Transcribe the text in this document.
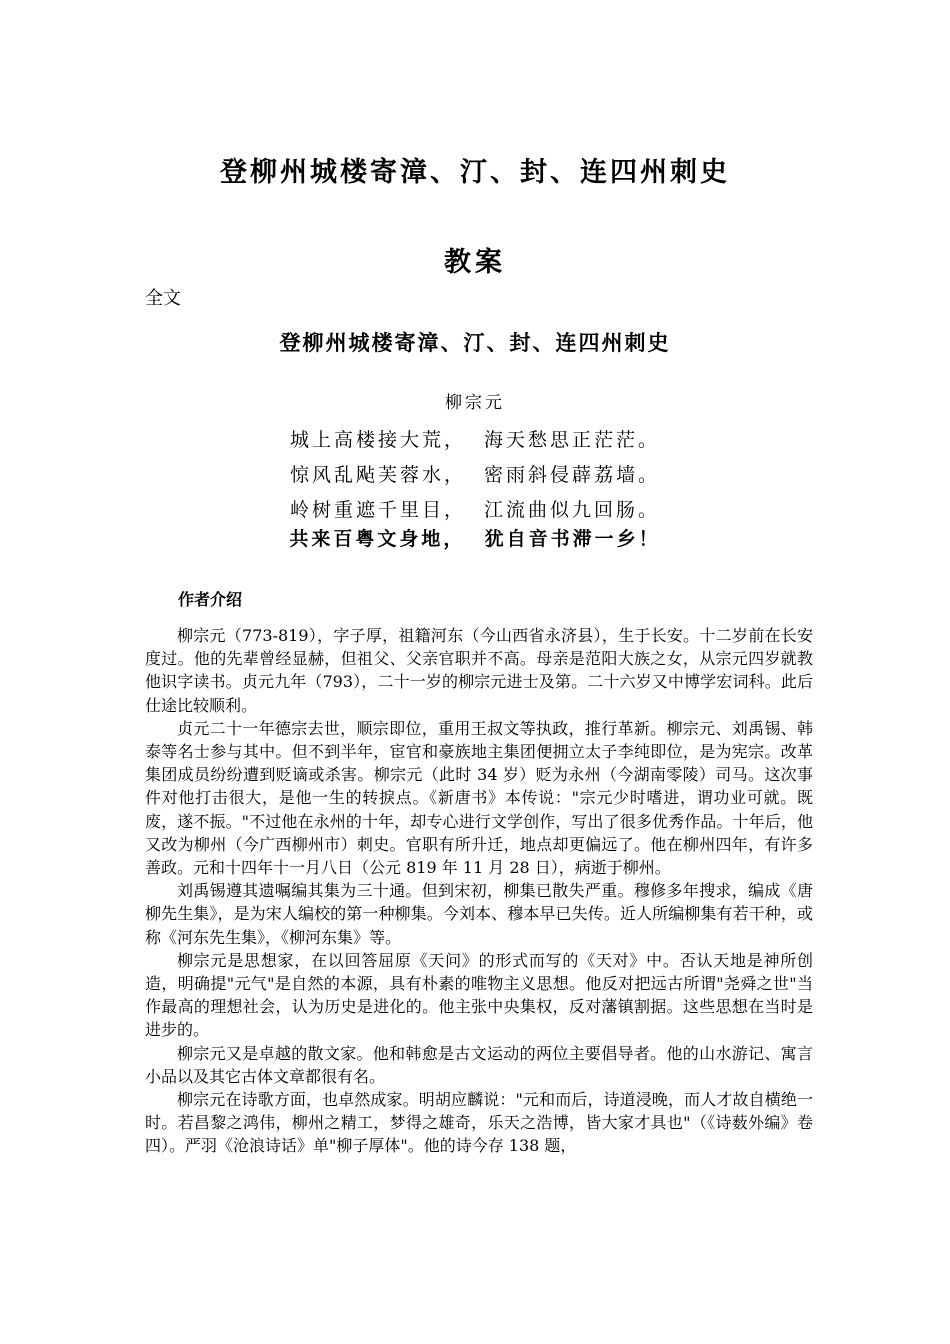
登柳州城楼寄漳、汀、封、连四州刺史
教案
全文
登柳州城楼寄漳、汀、封、连四州刺史
柳宗元
城上高楼接大荒，  海天愁思正茫茫。
惊风乱飐芙蓉水，  密雨斜侵薜荔墙。
岭树重遮千里目，  江流曲似九回肠。
共来百粤文身地，  犹自音书滞一乡！
作者介绍

柳宗元（773-819），字子厚，祖籍河东（今山西省永济县），生于长安。十二岁前在长安度过。他的先辈曾经显赫，但祖父、父亲官职并不高。母亲是范阳大族之女，从宗元四岁就教他识字读书。贞元九年（793），二十一岁的柳宗元进士及第。二十六岁又中博学宏词科。此后仕途比较顺利。

贞元二十一年德宗去世，顺宗即位，重用王叔文等执政，推行革新。柳宗元、刘禹锡、韩泰等名士参与其中。但不到半年，宦官和豪族地主集团便拥立太子李纯即位，是为宪宗。改革集团成员纷纷遭到贬谪或杀害。柳宗元（此时 34 岁）贬为永州（今湖南零陵）司马。这次事件对他打击很大，是他一生的转捩点。《新唐书》本传说："宗元少时嗜进，谓功业可就。既废，遂不振。"不过他在永州的十年，却专心进行文学创作，写出了很多优秀作品。十年后，他又改为柳州（今广西柳州市）刺史。官职有所升迁，地点却更偏远了。他在柳州四年，有许多善政。元和十四年十一月八日（公元 819 年 11 月 28 日），病逝于柳州。

刘禹锡遵其遗嘱编其集为三十通。但到宋初，柳集已散失严重。穆修多年搜求，编成《唐柳先生集》，是为宋人编校的第一种柳集。今刘本、穆本早已失传。近人所编柳集有若干种，或称《河东先生集》，《柳河东集》等。

柳宗元是思想家，在以回答屈原《天问》的形式而写的《天对》中。否认天地是神所创造，明确提"元气"是自然的本源，具有朴素的唯物主义思想。他反对把远古所谓"尧舜之世"当作最高的理想社会，认为历史是进化的。他主张中央集权，反对藩镇割据。这些思想在当时是进步的。

柳宗元又是卓越的散文家。他和韩愈是古文运动的两位主要倡导者。他的山水游记、寓言小品以及其它古体文章都很有名。

柳宗元在诗歌方面，也卓然成家。明胡应麟说："元和而后，诗道浸晚，而人才故自横绝一时。若昌黎之鸿伟，柳州之精工，梦得之雄奇，乐天之浩博，皆大家才具也"（《诗薮外编》卷四）。严羽《沧浪诗话》单"柳子厚体"。他的诗今存 138 题，
